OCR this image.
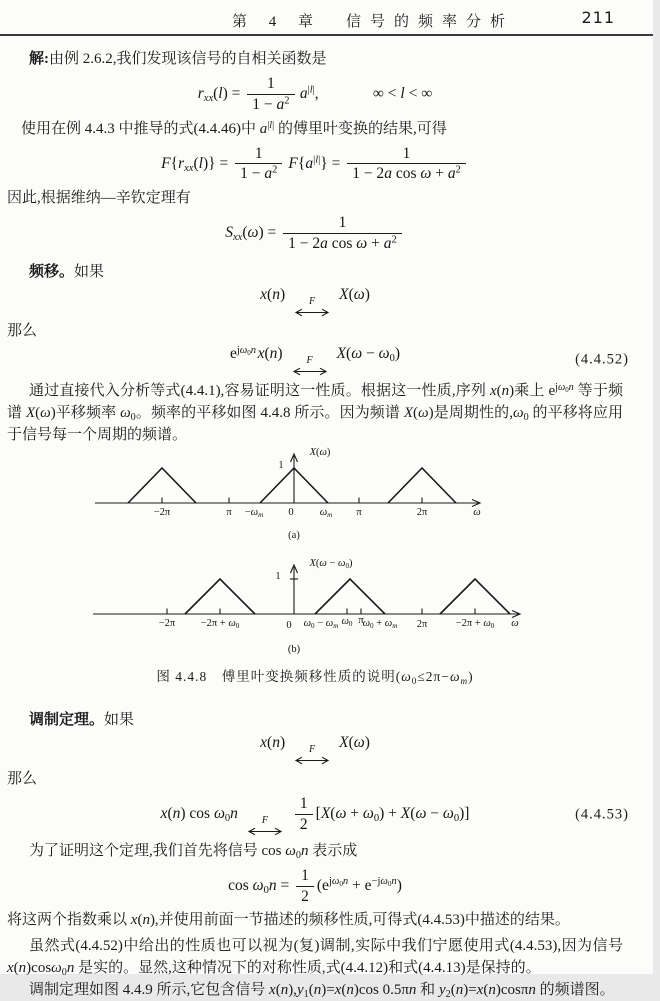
第 4 章　信号的频率分析	211

解:由例 2.6.2,我们发现该信号的自相关函数是

$r_{xx}(l) = \frac{1}{1 - a^2} a^{|l|}$,	∞ < l < ∞

使用在例 4.4.3 中推导的式(4.4.46)中 $a^{|l|}$ 的傅里叶变换的结果,可得

$F\{r_{xx}(l)\} = \frac{1}{1 - a^2} F\{a^{|l|}\} = \frac{1}{1 - 2a \cos \omega + a^2}$

因此,根据维纳—辛钦定理有

$S_{xx}(\omega) = \frac{1}{1 - 2a \cos \omega + a^2}$

频移。如果

x(n) F X(ω)

那么

$e^{j\omega_0n}x(n)$ F $X(\omega - \omega_0)$	(4.4.52)

通过直接代入分析等式(4.4.1),容易证明这一性质。根据这一性质,序列 x(n)乘上 $e^{j\omega_0n}$ 等于频谱 X(ω)平移频率 $\omega_0$。频率的平移如图 4.4.8 所示。因为频谱 X(ω)是周期性的$,\omega_0$ 的平移将应用于信号每一个周期的频谱。

X(ω)
1
−2π	$\pi -\omega_m$ 0 $\omega_m$ π	2π	ω
(a)
$X(\omega - \omega_0)$
1
$-2\pi -2\pi + \omega_0$	0 $\omega_0 - \omega_m$ $\omega_0$ π
$\omega_0 + \omega_m$ 2π	$-2\pi + \omega_0$ ω
(b)
图 4.4.8　傅里叶变换频移性质的说明$(\omega_0\le 2\pi-\omega_m)$

调制定理。如果

x(n) F X(ω)

那么

x(n) $\cos \omega_0n$ F $\frac{1}{2} [X(\omega + \omega_0) + X(\omega - \omega_0)]$	(4.4.53)

为了证明这个定理,我们首先将信号 $\cos \omega_0n$ 表示成

$\cos \omega_0n = \frac{1}{2} (e^{j\omega_0n} + e^{-j\omega_0n})$

将这两个指数乘以 x(n),并使用前面一节描述的频移性质,可得式(4.4.53)中描述的结果。

虽然式(4.4.52)中给出的性质也可以视为(复)调制,实际中我们宁愿使用式(4.4.53),因为信号 x(n)cosω$_0$n 是实的。显然,这种情况下的对称性质,式(4.4.12)和式(4.4.13)是保持的。

调制定理如图 4.4.9 所示,它包含信号 $x(n),y_1(n)=x(n)\cos$ 0.5πn 和 $y_2(n)=x(n)\cos\pi n$ 的频谱图。
